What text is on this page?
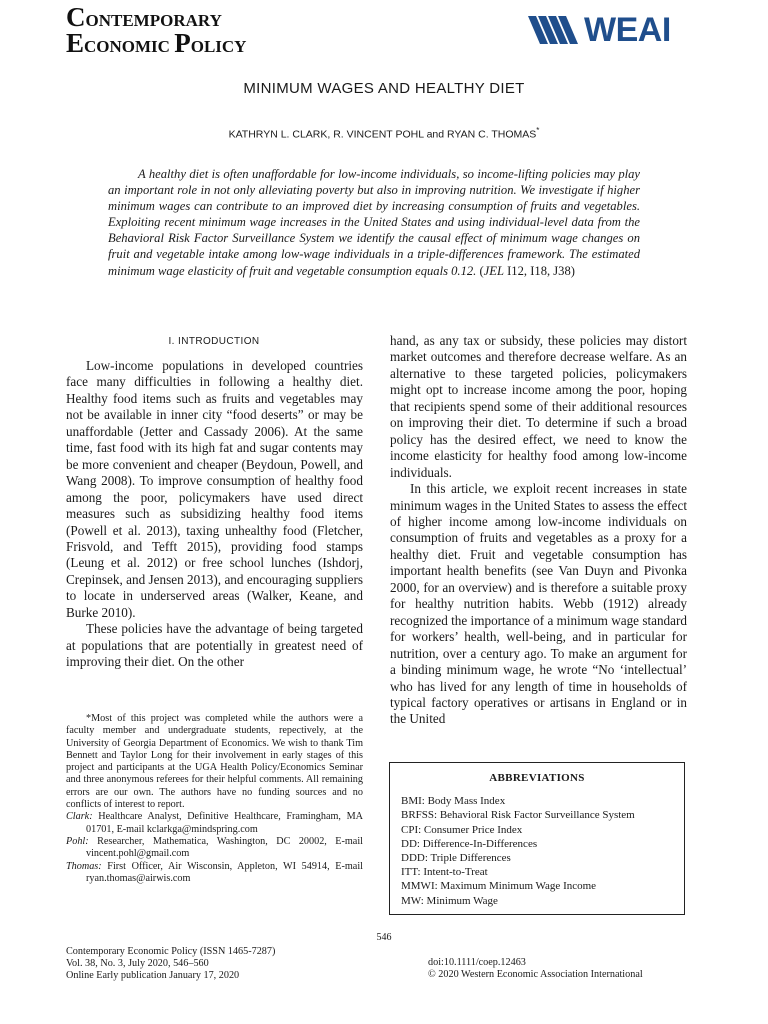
CONTEMPORARY
ECONOMIC POLICY	WEAI
MINIMUM WAGES AND HEALTHY DIET
KATHRYN L. CLARK, R. VINCENT POHL and RYAN C. THOMAS*
A healthy diet is often unaffordable for low-income individuals, so income-lifting policies may play an important role in not only alleviating poverty but also in improving nutrition. We investigate if higher minimum wages can contribute to an improved diet by increasing consumption of fruits and vegetables. Exploiting recent minimum wage increases in the United States and using individual-level data from the Behavioral Risk Factor Surveillance System we identify the causal effect of minimum wage changes on fruit and vegetable intake among low-wage individuals in a triple-differences framework. The estimated minimum wage elasticity of fruit and vegetable consumption equals 0.12. (JEL I12, I18, J38)
I. INTRODUCTION

Low-income populations in developed countries face many difficulties in following a healthy diet. Healthy food items such as fruits and vegetables may not be available in inner city “food deserts” or may be unaffordable (Jetter and Cassady 2006). At the same time, fast food with its high fat and sugar contents may be more convenient and cheaper (Beydoun, Powell, and Wang 2008). To improve consumption of healthy food among the poor, policymakers have used direct measures such as subsidizing healthy food items (Powell et al. 2013), taxing unhealthy food (Fletcher, Frisvold, and Tefft 2015), providing food stamps (Leung et al. 2012) or free school lunches (Ishdorj, Crepinsek, and Jensen 2013), and encouraging suppliers to locate in underserved areas (Walker, Keane, and Burke 2010).

These policies have the advantage of being targeted at populations that are potentially in greatest need of improving their diet. On the other

hand, as any tax or subsidy, these policies may distort market outcomes and therefore decrease welfare. As an alternative to these targeted policies, policymakers might opt to increase income among the poor, hoping that recipients spend some of their additional resources on improving their diet. To determine if such a broad policy has the desired effect, we need to know the income elasticity for healthy food among low-income individuals.

In this article, we exploit recent increases in state minimum wages in the United States to assess the effect of higher income among low-income individuals on consumption of fruits and vegetables as a proxy for a healthy diet. Fruit and vegetable consumption has important health benefits (see Van Duyn and Pivonka 2000, for an overview) and is therefore a suitable proxy for healthy nutrition habits. Webb (1912) already recognized the importance of a minimum wage standard for workers’ health, well-being, and in particular for nutrition, over a century ago. To make an argument for a binding minimum wage, he wrote “No ‘intellectual’ who has lived for any length of time in households of typical factory operatives or artisans in England or in the United

*Most of this project was completed while the authors were a faculty member and undergraduate students, repectively, at the University of Georgia Department of Economics. We wish to thank Tim Bennett and Taylor Long for their involvement in early stages of this project and participants at the UGA Health Policy/Economics Seminar and three anonymous referees for their helpful comments. All remaining errors are our own. The authors have no funding sources and no conflicts of interest to report.

Clark: Healthcare Analyst, Definitive Healthcare, Framingham, MA 01701, E-mail kclarkga@mindspring.com

Pohl: Researcher, Mathematica, Washington, DC 20002, E-mail vincent.pohl@gmail.com

Thomas: First Officer, Air Wisconsin, Appleton, WI 54914, E-mail ryan.thomas@airwis.com

ABBREVIATIONS

BMI: Body Mass Index

BRFSS: Behavioral Risk Factor Surveillance System

CPI: Consumer Price Index

DD: Difference-In-Differences

DDD: Triple Differences

ITT: Intent-to-Treat

MMWI: Maximum Minimum Wage Income

MW: Minimum Wage

546
Contemporary Economic Policy (ISSN 1465-7287)
Vol. 38, No. 3, July 2020, 546–560
Online Early publication January 17, 2020
doi:10.1111/coep.12463
© 2020 Western Economic Association International
